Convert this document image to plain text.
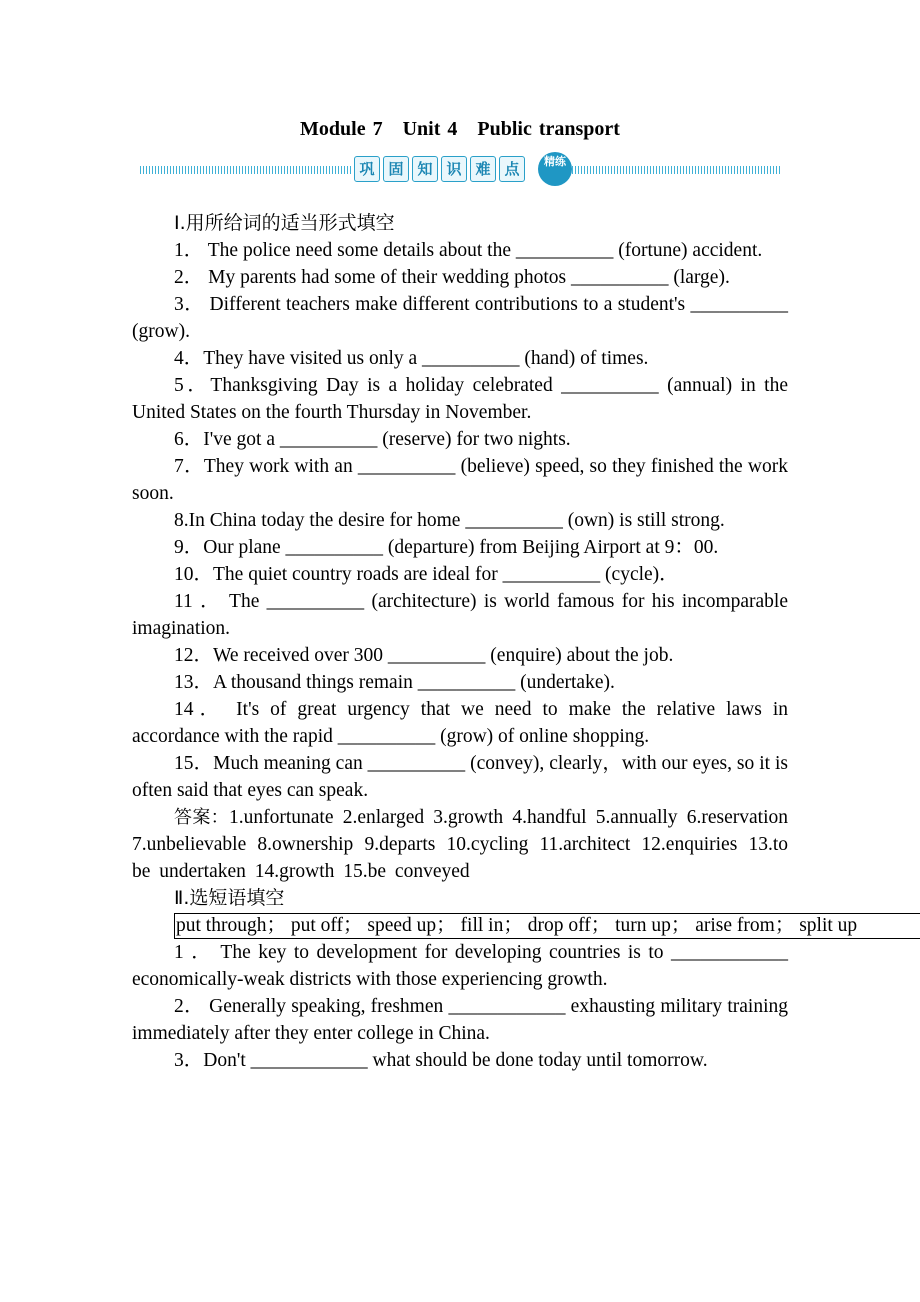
Module 7　Unit 4　Public transport
巩 固 知 识 难 点	精练

Ⅰ.用所给词的适当形式填空

1． The police need some details about the __________ (fortune) accident.

2． My parents had some of their wedding photos __________ (large).

3． Different teachers make different contributions to a student's __________ (grow).

4．They have visited us only a __________ (hand) of times.

5．Thanksgiving Day is a holiday celebrated __________ (annual) in the United States on the fourth Thursday in November.

6．I've got a __________ (reserve) for two nights.

7．They work with an __________ (believe) speed, so they finished the work soon.

8.In China today the desire for home __________ (own) is still strong.

9．Our plane __________ (departure) from Beijing Airport at 9：00.

10．The quiet country roads are ideal for __________ (cycle)．

11 ． The __________ (architecture) is world famous for his incomparable imagination.

12．We received over 300 __________ (enquire) about the job.

13．A thousand things remain __________ (undertake).

14． It's of great urgency that we need to make the relative laws in accordance with the rapid __________ (grow) of online shopping.

15．Much meaning can __________ (convey), clearly，with our eyes, so it is often said that eyes can speak.

答案：1.unfortunate 2.enlarged 3.growth 4.handful 5.annually 6.reservation 7.unbelievable 8.ownership 9.departs 10.cycling 11.architect 12.enquiries 13.to be undertaken 14.growth 15.be conveyed

Ⅱ.选短语填空

put through； put off； speed up； fill in； drop off； turn up； arise from； split up

1 ． The key to development for developing countries is to ____________ economically-weak districts with those experiencing growth.

2． Generally speaking, freshmen ____________ exhausting military training immediately after they enter college in China.

3．Don't ____________ what should be done today until tomorrow.
